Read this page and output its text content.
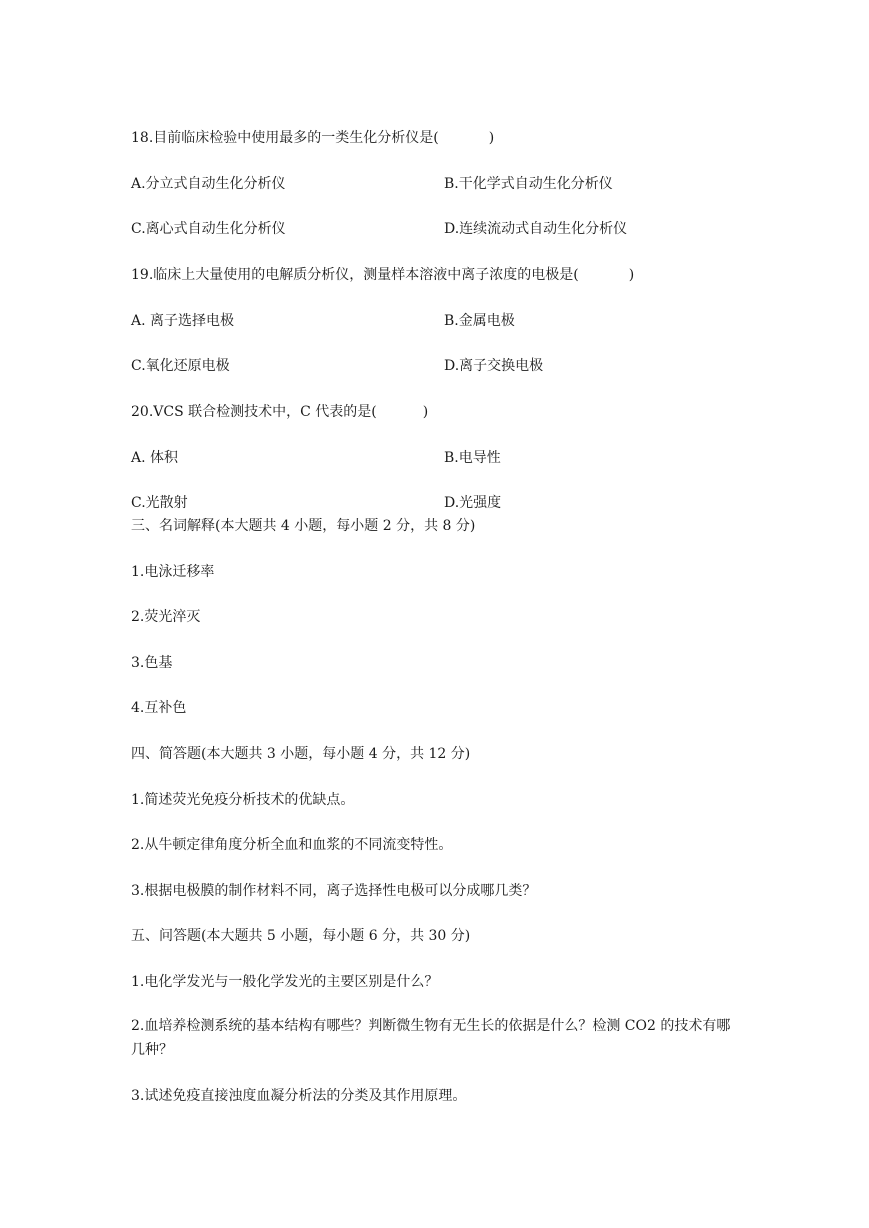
18.目前临床检验中使用最多的一类生化分析仪是(	)
A.分立式自动生化分析仪	B.干化学式自动生化分析仪
C.离心式自动生化分析仪	D.连续流动式自动生化分析仪
19.临床上大量使用的电解质分析仪，测量样本溶液中离子浓度的电极是(	)
A. 离子选择电极	B.金属电极
C.氧化还原电极	D.离子交换电极
20.VCS 联合检测技术中，C 代表的是(	)
A. 体积	B.电导性
C.光散射	D.光强度
三、名词解释(本大题共 4 小题，每小题 2 分，共 8 分)
1.电泳迁移率
2.荧光淬灭
3.色基
4.互补色
四、简答题(本大题共 3 小题，每小题 4 分，共 12 分)
1.简述荧光免疫分析技术的优缺点。
2.从牛顿定律角度分析全血和血浆的不同流变特性。
3.根据电极膜的制作材料不同，离子选择性电极可以分成哪几类？
五、问答题(本大题共 5 小题，每小题 6 分，共 30 分)
1.电化学发光与一般化学发光的主要区别是什么？
2.血培养检测系统的基本结构有哪些？判断微生物有无生长的依据是什么？检测 CO2 的技术有哪几种？
3.试述免疫直接浊度血凝分析法的分类及其作用原理。
